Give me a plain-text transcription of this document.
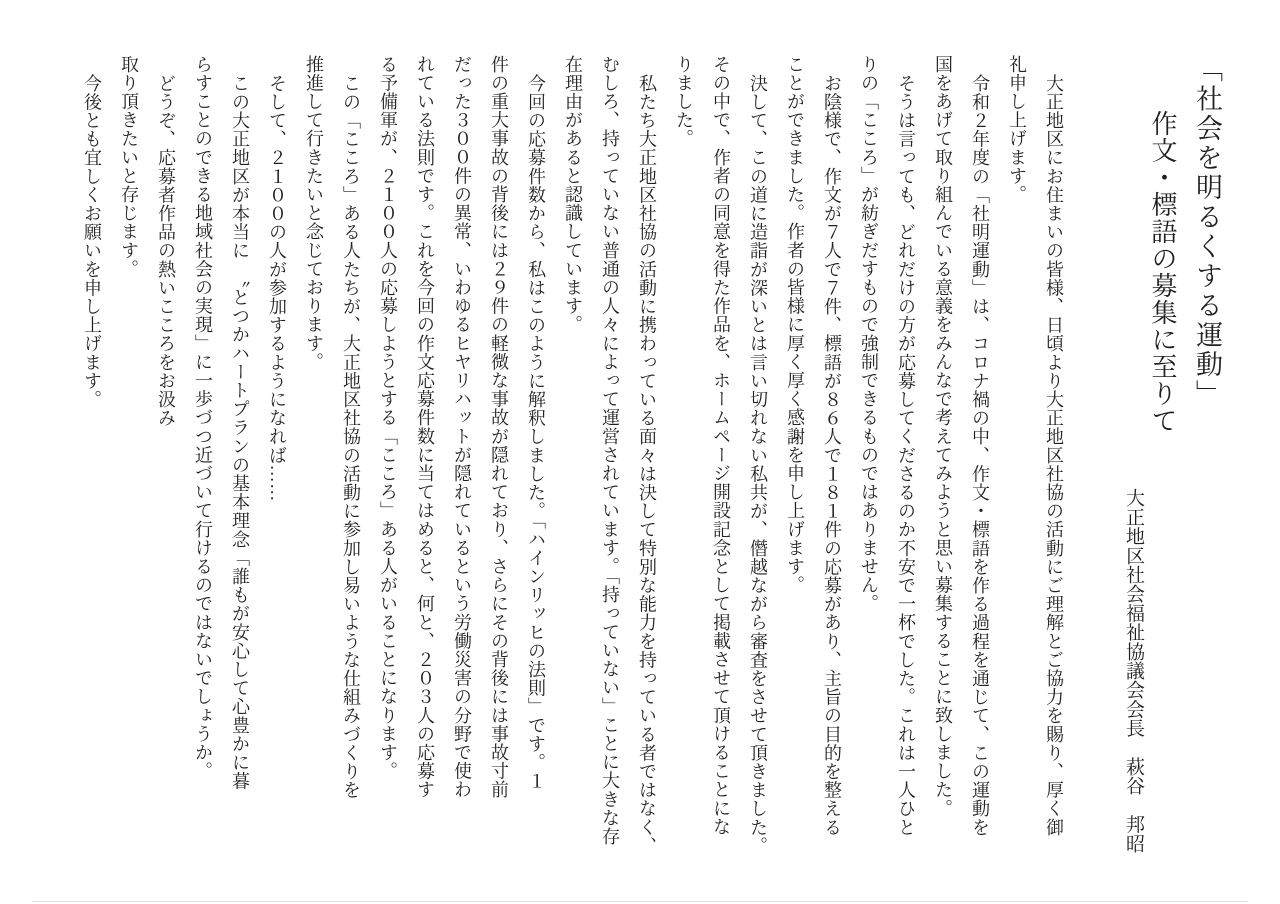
「社会を明るくする運動」
作文・標語の募集に至りて
大正地区社会福祉協議会会長　萩谷　邦昭
大正地区にお住まいの皆様、日頃より大正地区社協の活動にご理解とご協力を賜り、厚く御
礼申し上げます。
令和２年度の「社明運動」は、コロナ禍の中、作文・標語を作る過程を通じて、この運動を
国をあげて取り組んでいる意義をみんなで考えてみようと思い募集することに致しました。
そうは言っても、どれだけの方が応募してくださるのか不安で一杯でした。これは一人ひと
りの「こころ」が紡ぎだすもので強制できるものではありません。
お陰様で、作文が７人で７件、標語が８６人で１８１件の応募があり、主旨の目的を整える
ことができました。作者の皆様に厚く厚く感謝を申し上げます。
決して、この道に造詣が深いとは言い切れない私共が、僭越ながら審査をさせて頂きました。
その中で、作者の同意を得た作品を、ホームページ開設記念として掲載させて頂けることにな
りました。
私たち大正地区社協の活動に携わっている面々は決して特別な能力を持っている者ではなく、
むしろ、持っていない普通の人々によって運営されています。「持っていない」ことに大きな存
在理由があると認識しています。
今回の応募件数から、私はこのように解釈しました。「ハインリッヒの法則」です。１
件の重大事故の背後には２９件の軽微な事故が隠れており、さらにその背後には事故寸前
だった３００件の異常、いわゆるヒヤリハットが隠れているという労働災害の分野で使わ
れている法則です。これを今回の作文応募件数に当てはめると、何と、２０３人の応募す
る予備軍が、２１００人の応募しようとする「こころ」ある人がいることになります。
この「こころ」ある人たちが、大正地区社協の活動に参加し易いような仕組みづくりを
推進して行きたいと念じております。
そして、２１００の人が参加するようになれば……
この大正地区が本当に　〝とつかハートプランの基本理念「誰もが安心して心豊かに暮
らすことのできる地域社会の実現」に一歩づつ近づいて行けるのではないでしょうか。
どうぞ、応募者作品の熱いこころをお汲み
取り頂きたいと存じます。
今後とも宜しくお願いを申し上げます。
